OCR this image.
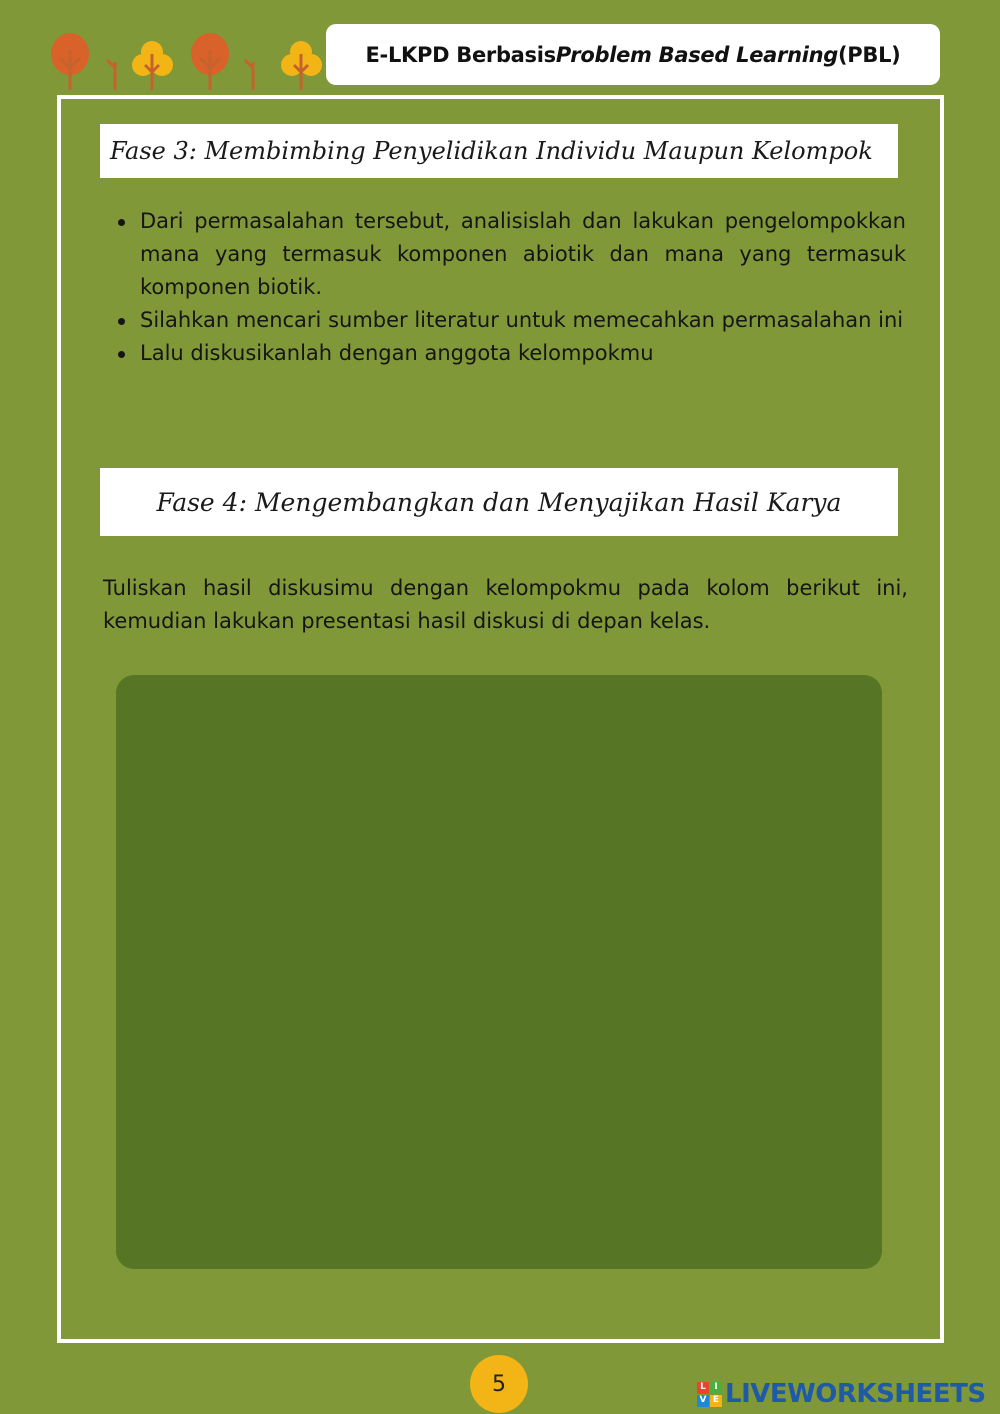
E-LKPD Berbasis Problem Based Learning (PBL)
Fase 3: Membimbing Penyelidikan Individu Maupun Kelompok
Dari permasalahan tersebut, analisislah dan lakukan pengelompokkan mana yang termasuk komponen abiotik dan mana yang termasuk komponen biotik.
Silahkan mencari sumber literatur untuk memecahkan permasalahan ini
Lalu diskusikanlah dengan anggota kelompokmu
Fase 4: Mengembangkan dan Menyajikan Hasil Karya
Tuliskan hasil diskusimu dengan kelompokmu pada kolom berikut ini, kemudian lakukan presentasi hasil diskusi di depan kelas.
5	L I
V E LIVEWORKSHEETS
